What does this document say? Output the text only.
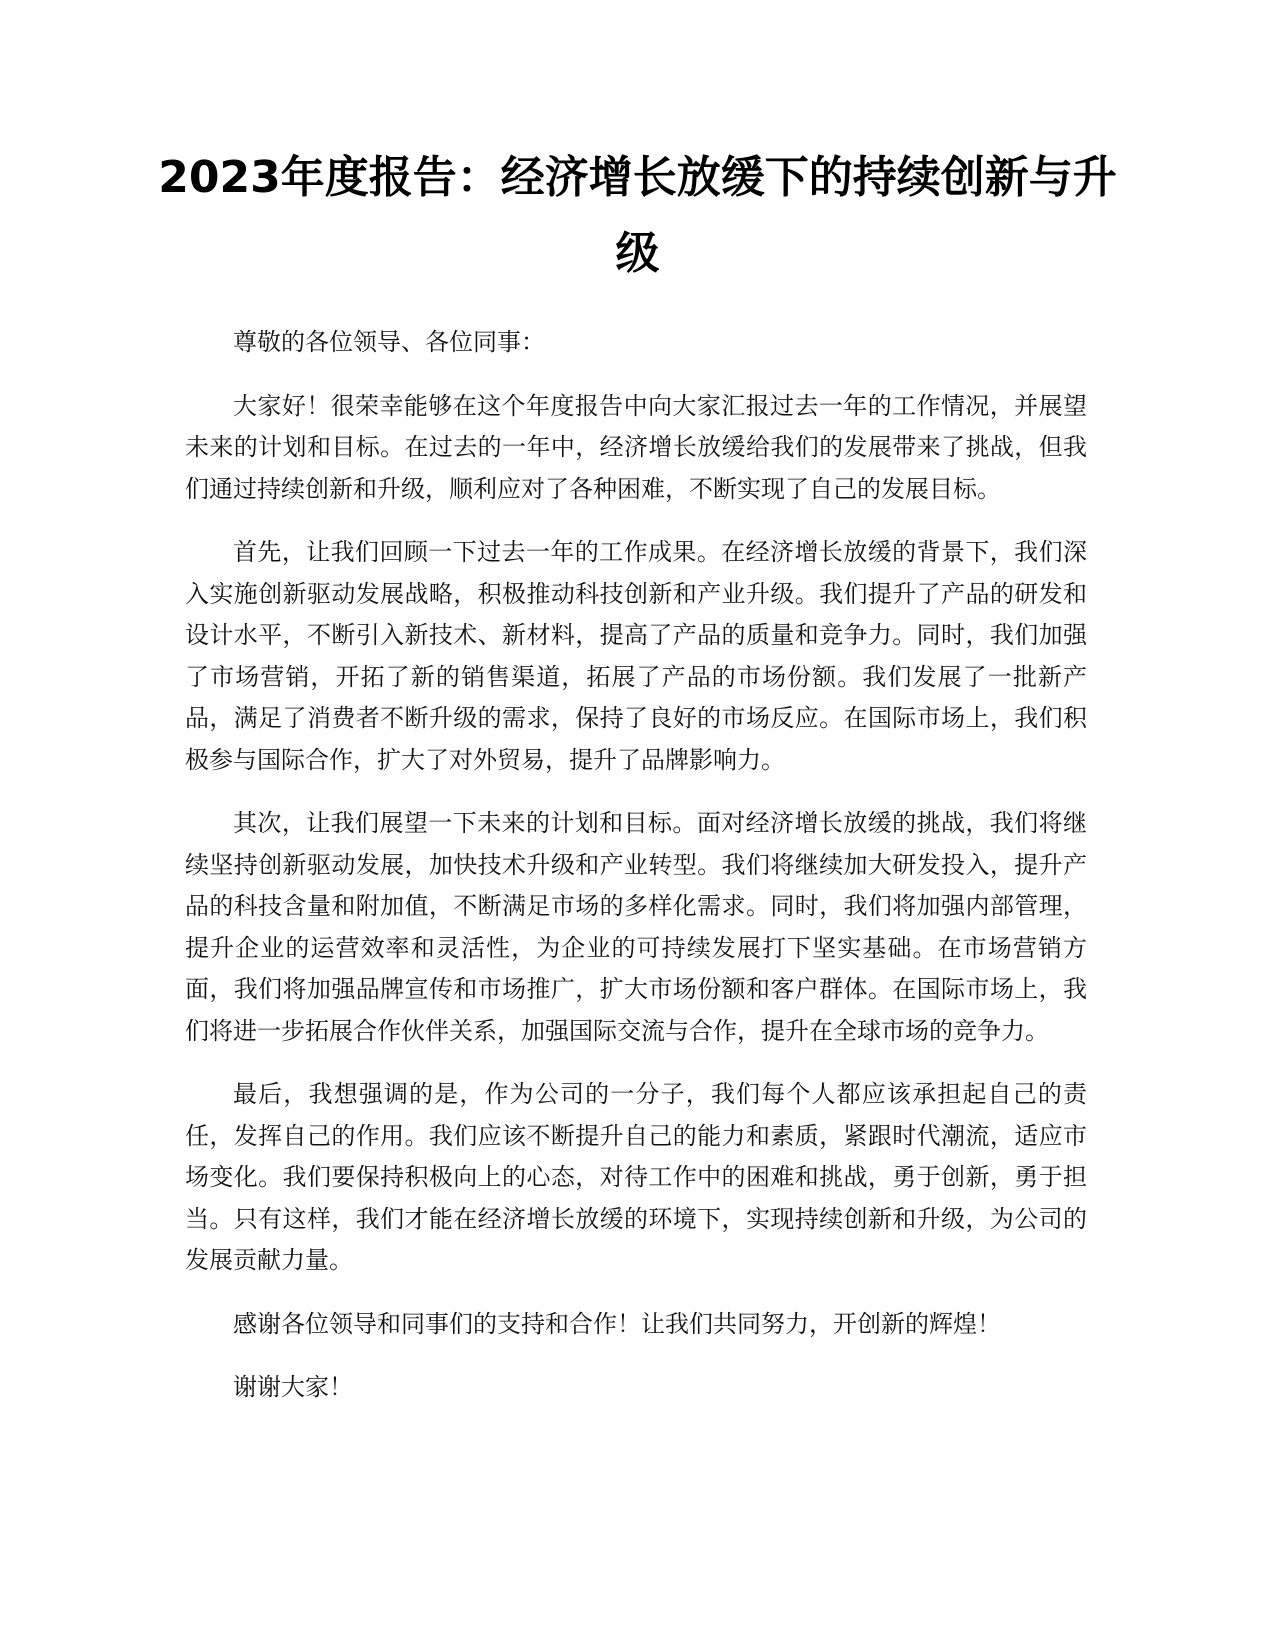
2023年度报告：经济增长放缓下的持续创新与升级

尊敬的各位领导、各位同事：

大家好！很荣幸能够在这个年度报告中向大家汇报过去一年的工作情况，并展望未来的计划和目标。在过去的一年中，经济增长放缓给我们的发展带来了挑战，但我们通过持续创新和升级，顺利应对了各种困难，不断实现了自己的发展目标。

首先，让我们回顾一下过去一年的工作成果。在经济增长放缓的背景下，我们深入实施创新驱动发展战略，积极推动科技创新和产业升级。我们提升了产品的研发和设计水平，不断引入新技术、新材料，提高了产品的质量和竞争力。同时，我们加强了市场营销，开拓了新的销售渠道，拓展了产品的市场份额。我们发展了一批新产品，满足了消费者不断升级的需求，保持了良好的市场反应。在国际市场上，我们积极参与国际合作，扩大了对外贸易，提升了品牌影响力。

其次，让我们展望一下未来的计划和目标。面对经济增长放缓的挑战，我们将继续坚持创新驱动发展，加快技术升级和产业转型。我们将继续加大研发投入，提升产品的科技含量和附加值，不断满足市场的多样化需求。同时，我们将加强内部管理，提升企业的运营效率和灵活性，为企业的可持续发展打下坚实基础。在市场营销方面，我们将加强品牌宣传和市场推广，扩大市场份额和客户群体。在国际市场上，我们将进一步拓展合作伙伴关系，加强国际交流与合作，提升在全球市场的竞争力。

最后，我想强调的是，作为公司的一分子，我们每个人都应该承担起自己的责任，发挥自己的作用。我们应该不断提升自己的能力和素质，紧跟时代潮流，适应市场变化。我们要保持积极向上的心态，对待工作中的困难和挑战，勇于创新，勇于担当。只有这样，我们才能在经济增长放缓的环境下，实现持续创新和升级，为公司的发展贡献力量。

感谢各位领导和同事们的支持和合作！让我们共同努力，开创新的辉煌！

谢谢大家！
